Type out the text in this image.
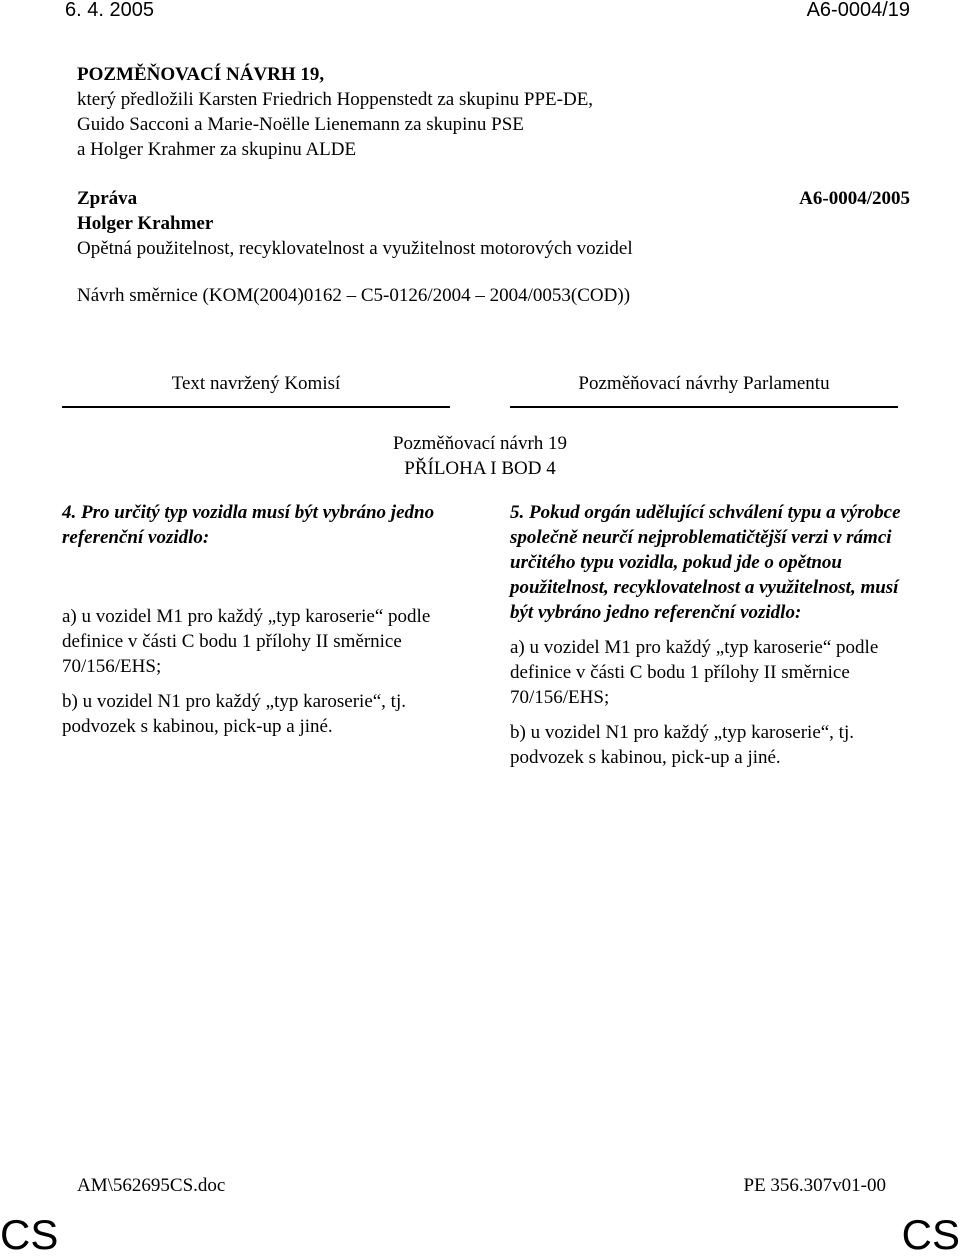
6. 4. 2005	A6-0004/19
POZMĚŇOVACÍ NÁVRH 19,
který předložili Karsten Friedrich Hoppenstedt za skupinu PPE-DE,
Guido Sacconi a Marie-Noëlle Lienemann za skupinu PSE
a Holger Krahmer za skupinu ALDE
Zpráva
Holger Krahmer
Opětná použitelnost, recyklovatelnost a využitelnost motorových vozidel
A6-0004/2005
Návrh směrnice (KOM(2004)0162 – C5-0126/2004 – 2004/0053(COD))
Text navržený Komisí	Pozměňovací návrhy Parlamentu
Pozměňovací návrh 19
PŘÍLOHA I BOD 4

4. Pro určitý typ vozidla musí být vybráno jedno referenční vozidlo:

a) u vozidel M1 pro každý „typ karoserie“ podle definice v části C bodu 1 přílohy II směrnice 70/156/EHS;

b) u vozidel N1 pro každý „typ karoserie“, tj. podvozek s kabinou, pick-up a jiné.

5. Pokud orgán udělující schválení typu a výrobce společně neurčí nejproblematičtější verzi v rámci určitého typu vozidla, pokud jde o opětnou použitelnost, recyklovatelnost a využitelnost, musí být vybráno jedno referenční vozidlo:

a) u vozidel M1 pro každý „typ karoserie“ podle definice v části C bodu 1 přílohy II směrnice 70/156/EHS;

b) u vozidel N1 pro každý „typ karoserie“, tj. podvozek s kabinou, pick-up a jiné.

AM\562695CS.doc	PE 356.307v01-00
CS	CS
